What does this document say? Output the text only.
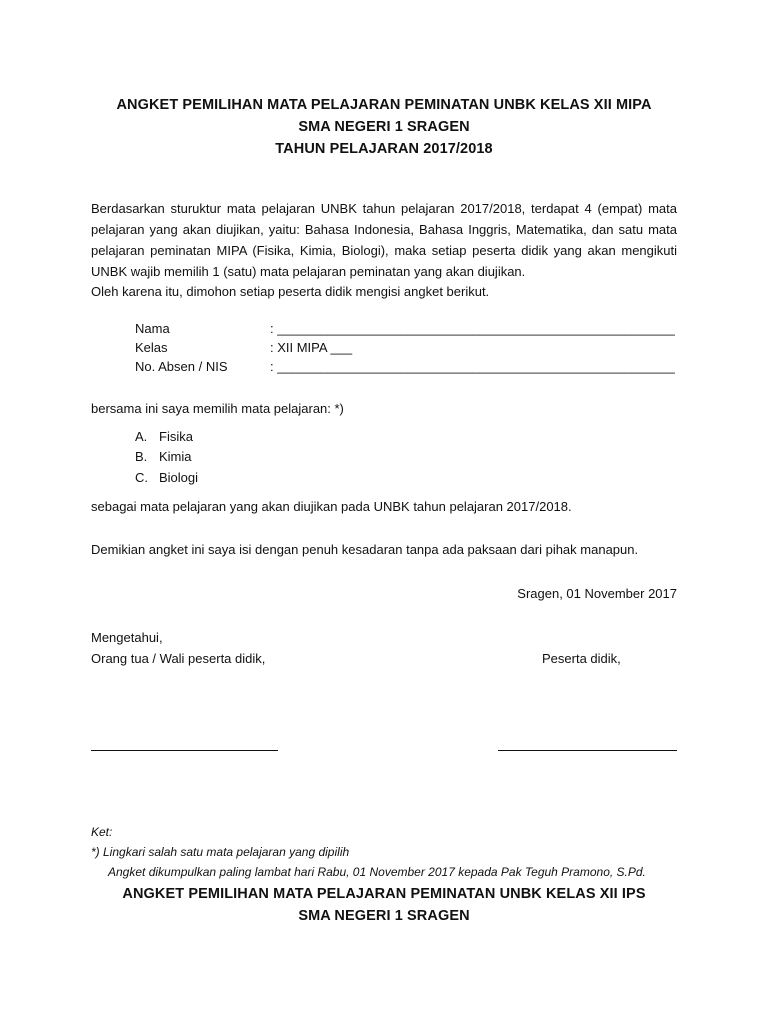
ANGKET PEMILIHAN MATA PELAJARAN PEMINATAN UNBK KELAS XII MIPA
SMA NEGERI 1 SRAGEN
TAHUN PELAJARAN 2017/2018
Berdasarkan sturuktur mata pelajaran UNBK tahun pelajaran 2017/2018, terdapat 4 (empat) mata pelajaran yang akan diujikan, yaitu: Bahasa Indonesia, Bahasa Inggris, Matematika, dan satu mata pelajaran peminatan MIPA (Fisika, Kimia, Biologi), maka setiap peserta didik yang akan mengikuti UNBK wajib memilih 1 (satu) mata pelajaran peminatan yang akan diujikan.
Oleh karena itu, dimohon setiap peserta didik mengisi angket berikut.
Nama	: _______________________________________________________
Kelas	: XII MIPA ___
No. Absen / NIS	: _______________________________________________________
bersama ini saya memilih mata pelajaran: *)
A. Fisika
B. Kimia
C. Biologi
sebagai mata pelajaran yang akan diujikan pada UNBK tahun pelajaran 2017/2018.
Demikian angket ini saya isi dengan penuh kesadaran tanpa ada paksaan dari pihak manapun.
Sragen, 01 November 2017
Mengetahui,
Orang tua / Wali peserta didik,	Peserta didik,
Ket:
*) Lingkari salah satu mata pelajaran yang dipilih
Angket dikumpulkan paling lambat hari Rabu, 01 November 2017 kepada Pak Teguh Pramono, S.Pd.
ANGKET PEMILIHAN MATA PELAJARAN PEMINATAN UNBK KELAS XII IPS
SMA NEGERI 1 SRAGEN
